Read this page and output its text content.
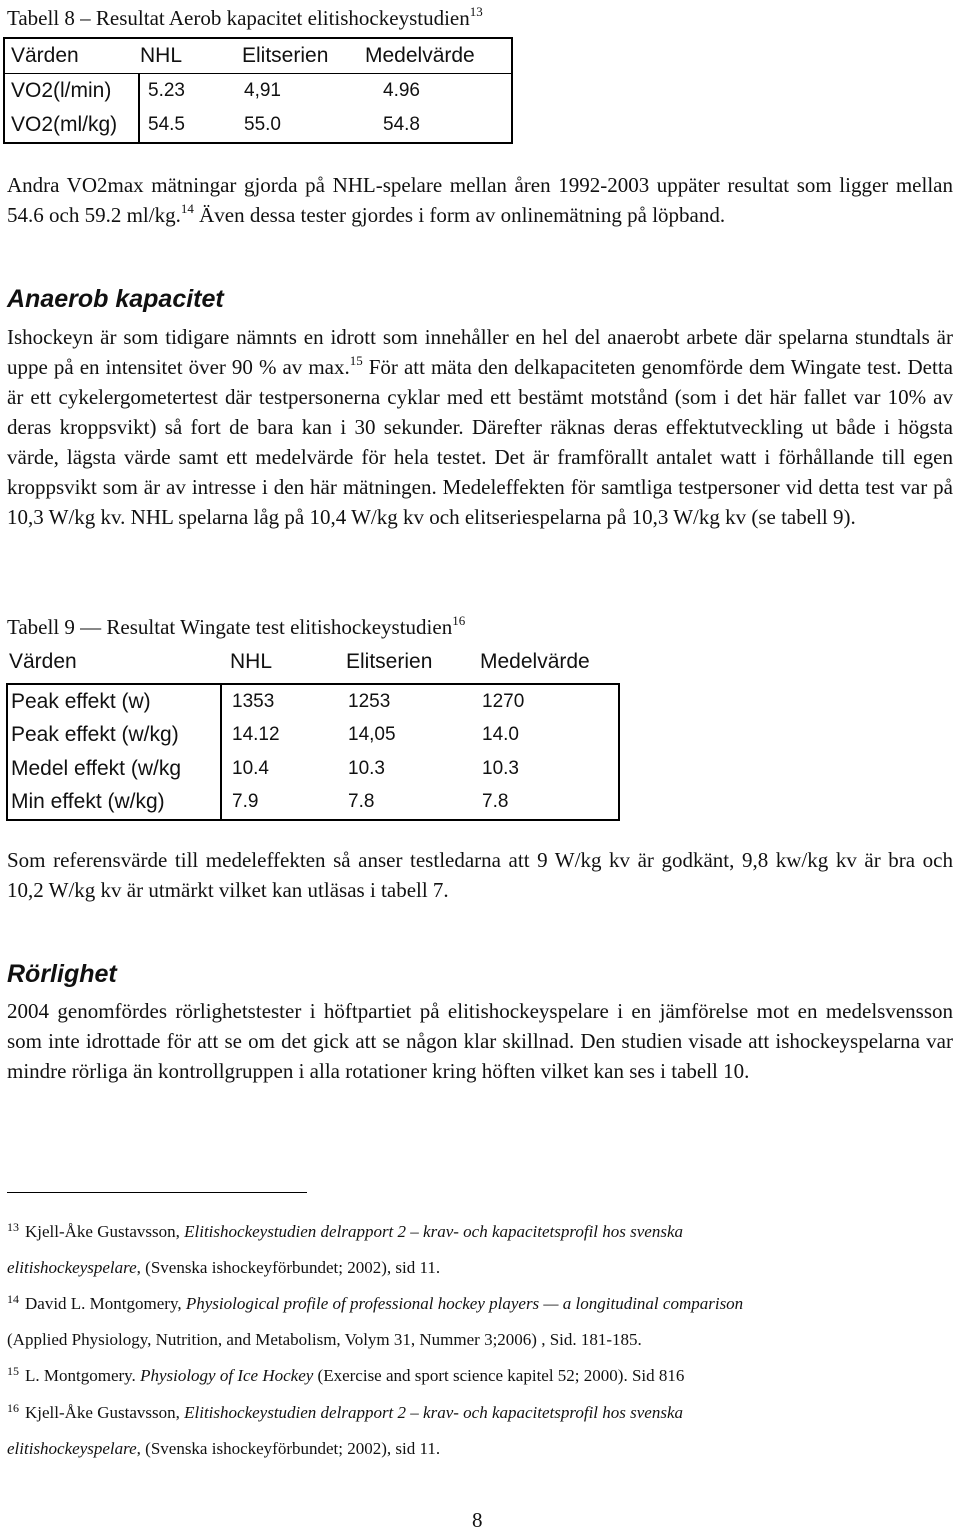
Tabell 8 – Resultat Aerob kapacitet elitishockeystudien$^{13}$
Värden	NHL	Elitserien	Medelvärde
VO2(l/min)	5.23	4,91	4.96
VO2(ml/kg)	54.5	55.0	54.8
Andra VO2max mätningar gjorda på NHL-spelare mellan åren 1992-2003 uppäter resultat som ligger mellan 54.6 och 59.2 ml/kg.$^{14}$ Även dessa tester gjordes i form av onlinemätning på löpband.
Anaerob kapacitet
Ishockeyn är som tidigare nämnts en idrott som innehåller en hel del anaerobt arbete där spelarna stundtals är uppe på en intensitet över 90 % av max.$^{15}$ För att mäta den delkapaciteten genomförde dem Wingate test. Detta är ett cykelergometertest där testpersonerna cyklar med ett bestämt motstånd (som i det här fallet var 10% av deras kroppsvikt) så fort de bara kan i 30 sekunder. Därefter räknas deras effektutveckling ut både i högsta värde, lägsta värde samt ett medelvärde för hela testet. Det är framförallt antalet watt i förhållande till egen kroppsvikt som är av intresse i den här mätningen. Medeleffekten för samtliga testpersoner vid detta test var på 10,3 W/kg kv. NHL spelarna låg på 10,4 W/kg kv och elitseriespelarna på 10,3 W/kg kv (se tabell 9).
Tabell 9 — Resultat Wingate test elitishockeystudien$^{16}$
Värden	NHL	Elitserien	Medelvärde
Peak effekt (w)	1353	1253	1270
Peak effekt (w/kg)	14.12	14,05	14.0
Medel effekt (w/kg	10.4	10.3	10.3
Min effekt (w/kg)	7.9	7.8	7.8
Som referensvärde till medeleffekten så anser testledarna att 9 W/kg kv är godkänt, 9,8 kw/kg kv är bra och 10,2 W/kg kv är utmärkt vilket kan utläsas i tabell 7.
Rörlighet
2004 genomfördes rörlighetstester i höftpartiet på elitishockeyspelare i en jämförelse mot en medelsvensson som inte idrottade för att se om det gick att se någon klar skillnad. Den studien visade att ishockeyspelarna var mindre rörliga än kontrollgruppen i alla rotationer kring höften vilket kan ses i tabell 10.
$^{13}$ Kjell-Åke Gustavsson, Elitishockeystudien delrapport 2 – krav- och kapacitetsprofil hos svenska
elitishockeyspelare, (Svenska ishockeyförbundet; 2002), sid 11.
$^{14}$ David L. Montgomery, Physiological profile of professional hockey players — a longitudinal comparison
(Applied Physiology, Nutrition, and Metabolism, Volym 31, Nummer 3;2006) , Sid. 181-185.
$^{15}$ L. Montgomery. Physiology of Ice Hockey (Exercise and sport science kapitel 52; 2000). Sid 816
$^{16}$ Kjell-Åke Gustavsson, Elitishockeystudien delrapport 2 – krav- och kapacitetsprofil hos svenska
elitishockeyspelare, (Svenska ishockeyförbundet; 2002), sid 11.
8
